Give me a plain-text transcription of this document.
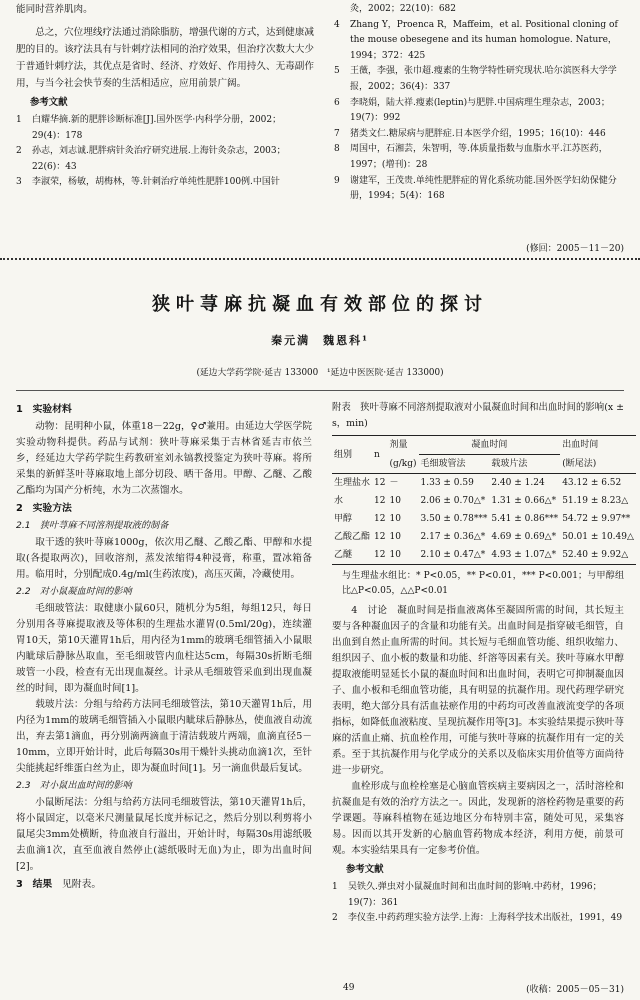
能同时营养肌肉。

总之，穴位埋线疗法通过消除脂肪，增强代谢的方式，达到健康减肥的目的。该疗法具有与针刺疗法相同的治疗效果，但治疗次数大大少于普通针刺疗法，其优点是省时、经济、疗效好、作用持久、无毒副作用，与当今社会快节奏的生活相适应，应用前景广阔。

参考文献
1	白耀华摘.新的肥胖诊断标准[J].国外医学·内科学分册，2002；29(4)：178
2	孙志，刘志诚.肥胖病针灸治疗研究进展.上海针灸杂志，2003；22(6)：43
3	李淑荣，杨敏，胡梅林，等.针刺治疗单纯性肥胖100例.中国针
灸，2002；22(10)：682
4	Zhang Y，Proenca R，Maffeim，et al. Positional cloning of the mouse obesegene and its human homologue. Nature，1994；372：425
5	王薇，李强，张巾超.瘦素的生物学特性研究现状.哈尔滨医科大学学报，2002；36(4)：337
6	李晓娟，陆大祥.瘦素(leptin)与肥胖.中国病理生理杂志，2003；19(7)：992
7	猪类文仁.糖尿病与肥胖症.日本医学介绍，1995；16(10)：446
8	周国中，石湘芸，朱智明，等.体质量指数与血脂水平.江苏医药，1997；(増刊)：28
9	谢建军，王茂贵.单纯性肥胖症的胃化系统功能.国外医学妇幼保健分册，1994；5(4)：168
(修回：2005－11－20)
狭叶荨麻抗凝血有效部位的探讨
秦元满　魏恩科¹
(延边大学药学院·延吉 133000　¹延边中医医院·延吉 133000)
1　实验材料

动物：昆明种小鼠，体重18－22g，♀♂兼用。由延边大学医学院实验动物科提供。药品与试剂：狭叶荨麻采集于吉林省延吉市依兰乡，经延边大学药学院生药教研室刘永镐教授鉴定为狭叶荨麻。将所采集的新鲜茎叶荨麻取地上部分切段、晒干备用。甲醇、乙醚、乙酸乙酯均为国产分析纯，水为二次蒸馏水。

2　实验方法
2.1　狭叶荨麻不同溶剂提取液的制备

取干透的狭叶荨麻1000g，依次用乙醚、乙酸乙酯、甲醇和水提取(各提取两次)，回收溶剂，蒸发浓缩得4种浸膏，称重，置冰箱备用。临用时，分别配成0.4g/ml(生药浓度)，高压灭菌，冷藏使用。

2.2　对小鼠凝血时间的影响

毛细玻管法：取健康小鼠60只，随机分为5组，每组12只，每日分别用各荨麻提取液及等体积的生理盐水灌胃(0.5ml/20g)，连续灌胃10天，第10天灌胃1h后，用内径为1mm的玻璃毛细管插入小鼠眼内眦球后静脉丛取血，至毛细玻管内血柱达5cm，每隔30s折断毛细玻管一小段，检查有无出现血凝丝。计录从毛细玻管采血到出现血凝丝的时间，即为凝血时间[1]。

载玻片法：分组与给药方法同毛细玻管法，第10天灌胃1h后，用内径为1mm的玻璃毛细管插入小鼠眼内眦球后静脉丛，使血液自动流出，弃去第1滴血，再分别滴两滴血于清洁载玻片两端，血滴直径5－10mm，立即开始计时，此后每隔30s用干燥针头挑动血滴1次，至针尖能挑起纤维蛋白丝为止，即为凝血时间[1]。另一滴血供最后复试。

2.3　对小鼠出血时间的影响

小鼠断尾法：分组与给药方法同毛细玻管法，第10天灌胃1h后，将小鼠固定，以毫米尺测量鼠尾长度并标记之，然后分别以利剪将小鼠尾尖3mm处横断，待血液自行溢出，开始计时，每隔30s用滤纸吸去血滴1次，直至血液自然停止(滤纸吸时无血)为止，即为出血时间[2]。

3　结果　 见附表。

附表　狭叶荨麻不同溶剂提取液对小鼠凝血时间和出血时间的影响(x ± s，min)

组别	n	剂量	凝血时间		出血时间
		(g/kg)	毛细玻管法	载玻片法	(断尾法)
生理盐水	12	－	1.33 ± 0.59	2.40 ± 1.24	43.12 ± 6.52
水	12	10	2.06 ± 0.70△*	1.31 ± 0.66△*	51.19 ± 8.23△
甲醇	12	10	3.50 ± 0.78***	5.41 ± 0.86***	54.72 ± 9.97**
乙酸乙酯	12	10	2.17 ± 0.36△*	4.69 ± 0.69△*	50.01 ± 10.49△
乙醚	12	10	2.10 ± 0.47△*	4.93 ± 1.07△*	52.40 ± 9.92△

与生理盐水组比：* P<0.05，** P<0.01，*** P<0.001；与甲醇组比△P<0.05，△△P<0.01

4　讨论　凝血时间是指血液离体至凝固所需的时间，其长短主要与各种凝血因子的含量和功能有关。出血时间是指穿破毛细管，自出血到自然止血所需的时间。其长短与毛细血管功能、组织收缩力、组织因子、血小板的数量和功能、纤溶等因素有关。狭叶荨麻水甲醇提取液能明显延长小鼠的凝血时间和出血时间，表明它可抑制凝血因子、血小板和毛细血管功能，具有明显的抗凝作用。现代药理学研究表明，绝大部分具有活血祛瘀作用的中药均可改善血液流变学的各项指标，如降低血液粘度、呈现抗凝作用等[3]。本实验结果提示狭叶荨麻的活血止痛、抗血栓作用，可能与狭叶荨麻的抗凝作用有一定的关系。至于其抗凝作用与化学成分的关系以及临床实用价值等方面尚待进一步研究。

血栓形成与血栓栓塞是心脑血管疾病主要病因之一，活时溶栓和抗凝血是有效的治疗方法之一。因此，发现新的溶栓药物是重要的药学课题。荨麻科植物在延边地区分布特别丰富，随处可见，采集容易。因而以其开发新的心脑血管药物成本经济，利用方便，前景可观。本实验结果具有一定参考价值。

参考文献
1	吴铁久.弹虫对小鼠凝血时间和出血时间的影响.中药材，1996；19(7)：361
2	李仪奎.中药药理实验方法学.上海：上海科学技术出版社，1991，49
49	(收稿：2005－05－31)
